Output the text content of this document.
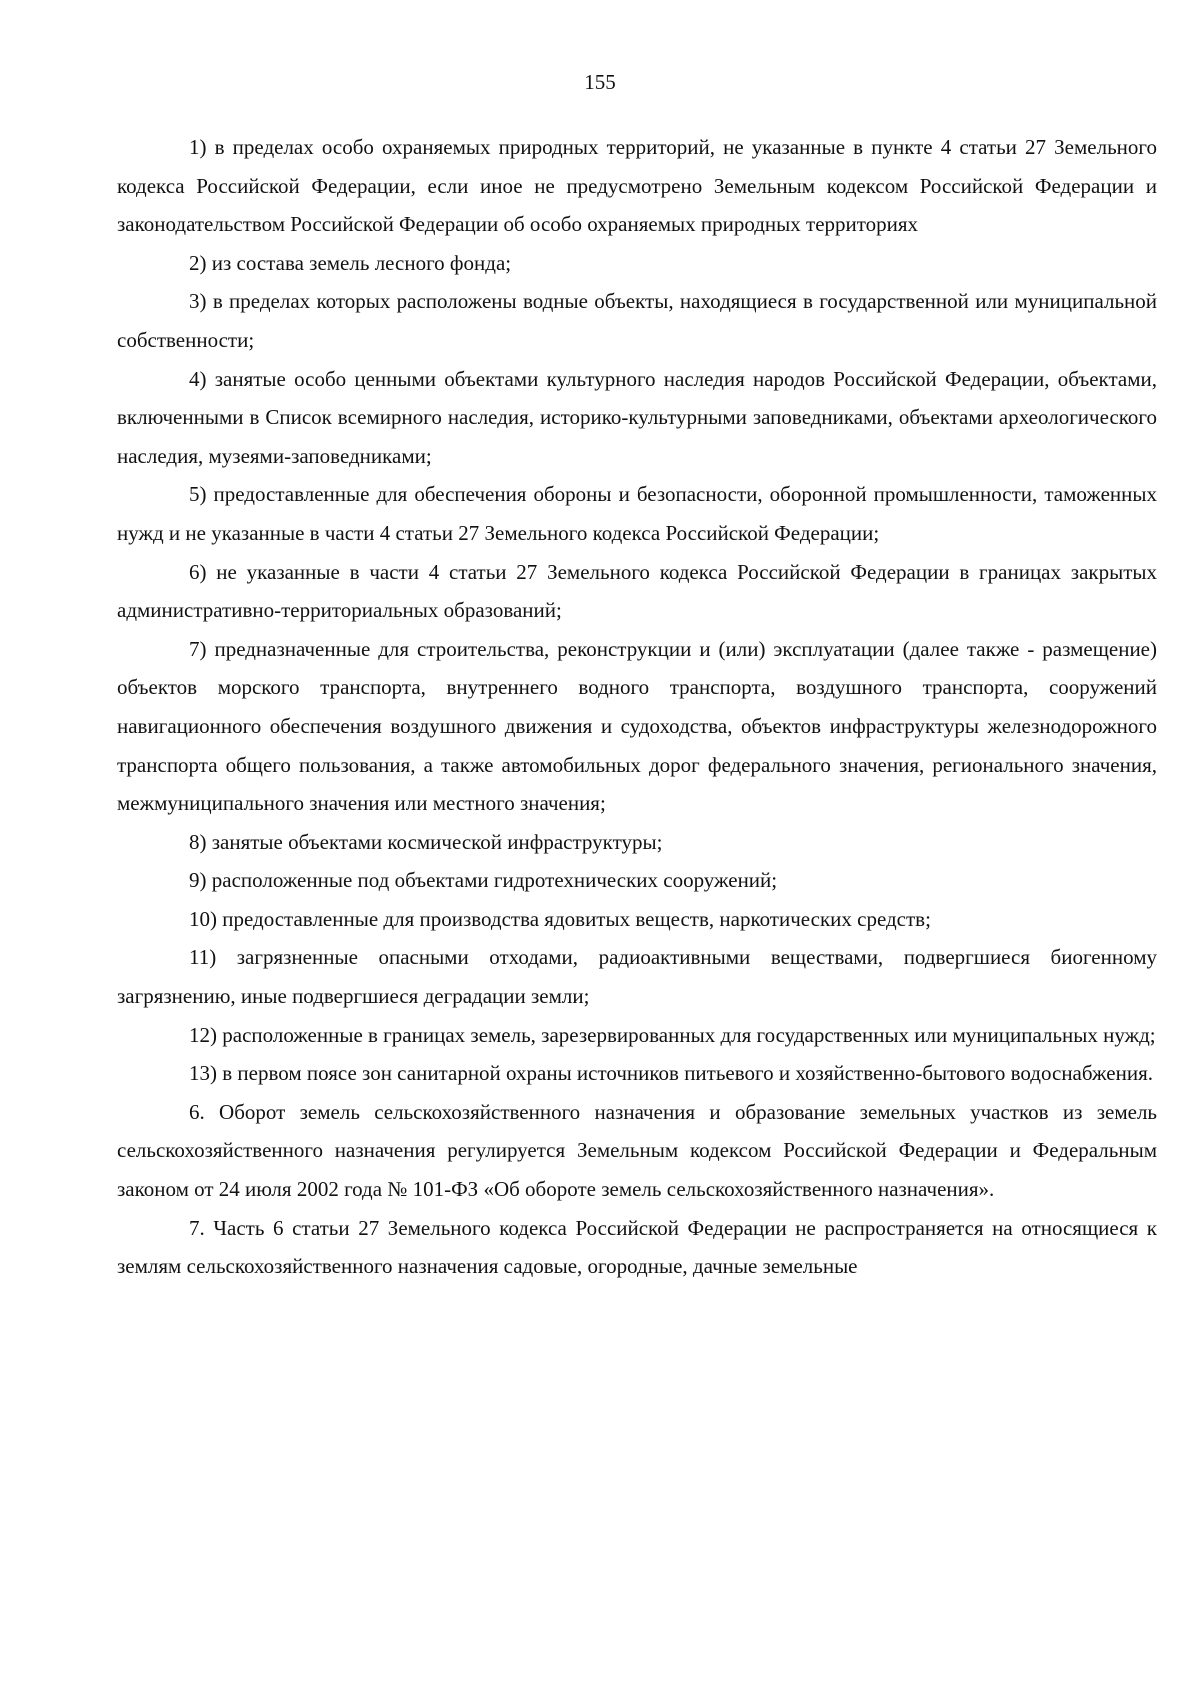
155

1) в пределах особо охраняемых природных территорий, не указанные в пункте 4 статьи 27 Земельного кодекса Российской Федерации, если иное не предусмотрено Земельным кодексом Российской Федерации и законодательством Российской Федерации об особо охраняемых природных территориях

2) из состава земель лесного фонда;

3) в пределах которых расположены водные объекты, находящиеся в государственной или муниципальной собственности;

4) занятые особо ценными объектами культурного наследия народов Российской Федерации, объектами, включенными в Список всемирного наследия, историко-культурными заповедниками, объектами археологического наследия, музеями-заповедниками;

5) предоставленные для обеспечения обороны и безопасности, оборонной промышленности, таможенных нужд и не указанные в части 4 статьи 27 Земельного кодекса Российской Федерации;

6) не указанные в части 4 статьи 27 Земельного кодекса Российской Федерации в границах закрытых административно-территориальных образований;

7) предназначенные для строительства, реконструкции и (или) эксплуатации (далее также - размещение) объектов морского транспорта, внутреннего водного транспорта, воздушного транспорта, сооружений навигационного обеспечения воздушного движения и судоходства, объектов инфраструктуры железнодорожного транспорта общего пользования, а также автомобильных дорог федерального значения, регионального значения, межмуниципального значения или местного значения;

8) занятые объектами космической инфраструктуры;

9) расположенные под объектами гидротехнических сооружений;

10) предоставленные для производства ядовитых веществ, наркотических средств;

11) загрязненные опасными отходами, радиоактивными веществами, подвергшиеся биогенному загрязнению, иные подвергшиеся деградации земли;

12) расположенные в границах земель, зарезервированных для государственных или муниципальных нужд;

13) в первом поясе зон санитарной охраны источников питьевого и хозяйственно-бытового водоснабжения.

6. Оборот земель сельскохозяйственного назначения и образование земельных участков из земель сельскохозяйственного назначения регулируется Земельным кодексом Российской Федерации и Федеральным законом от 24 июля 2002 года № 101-ФЗ «Об обороте земель сельскохозяйственного назначения».

7. Часть 6 статьи 27 Земельного кодекса Российской Федерации не распространяется на относящиеся к землям сельскохозяйственного назначения садовые, огородные, дачные земельные
